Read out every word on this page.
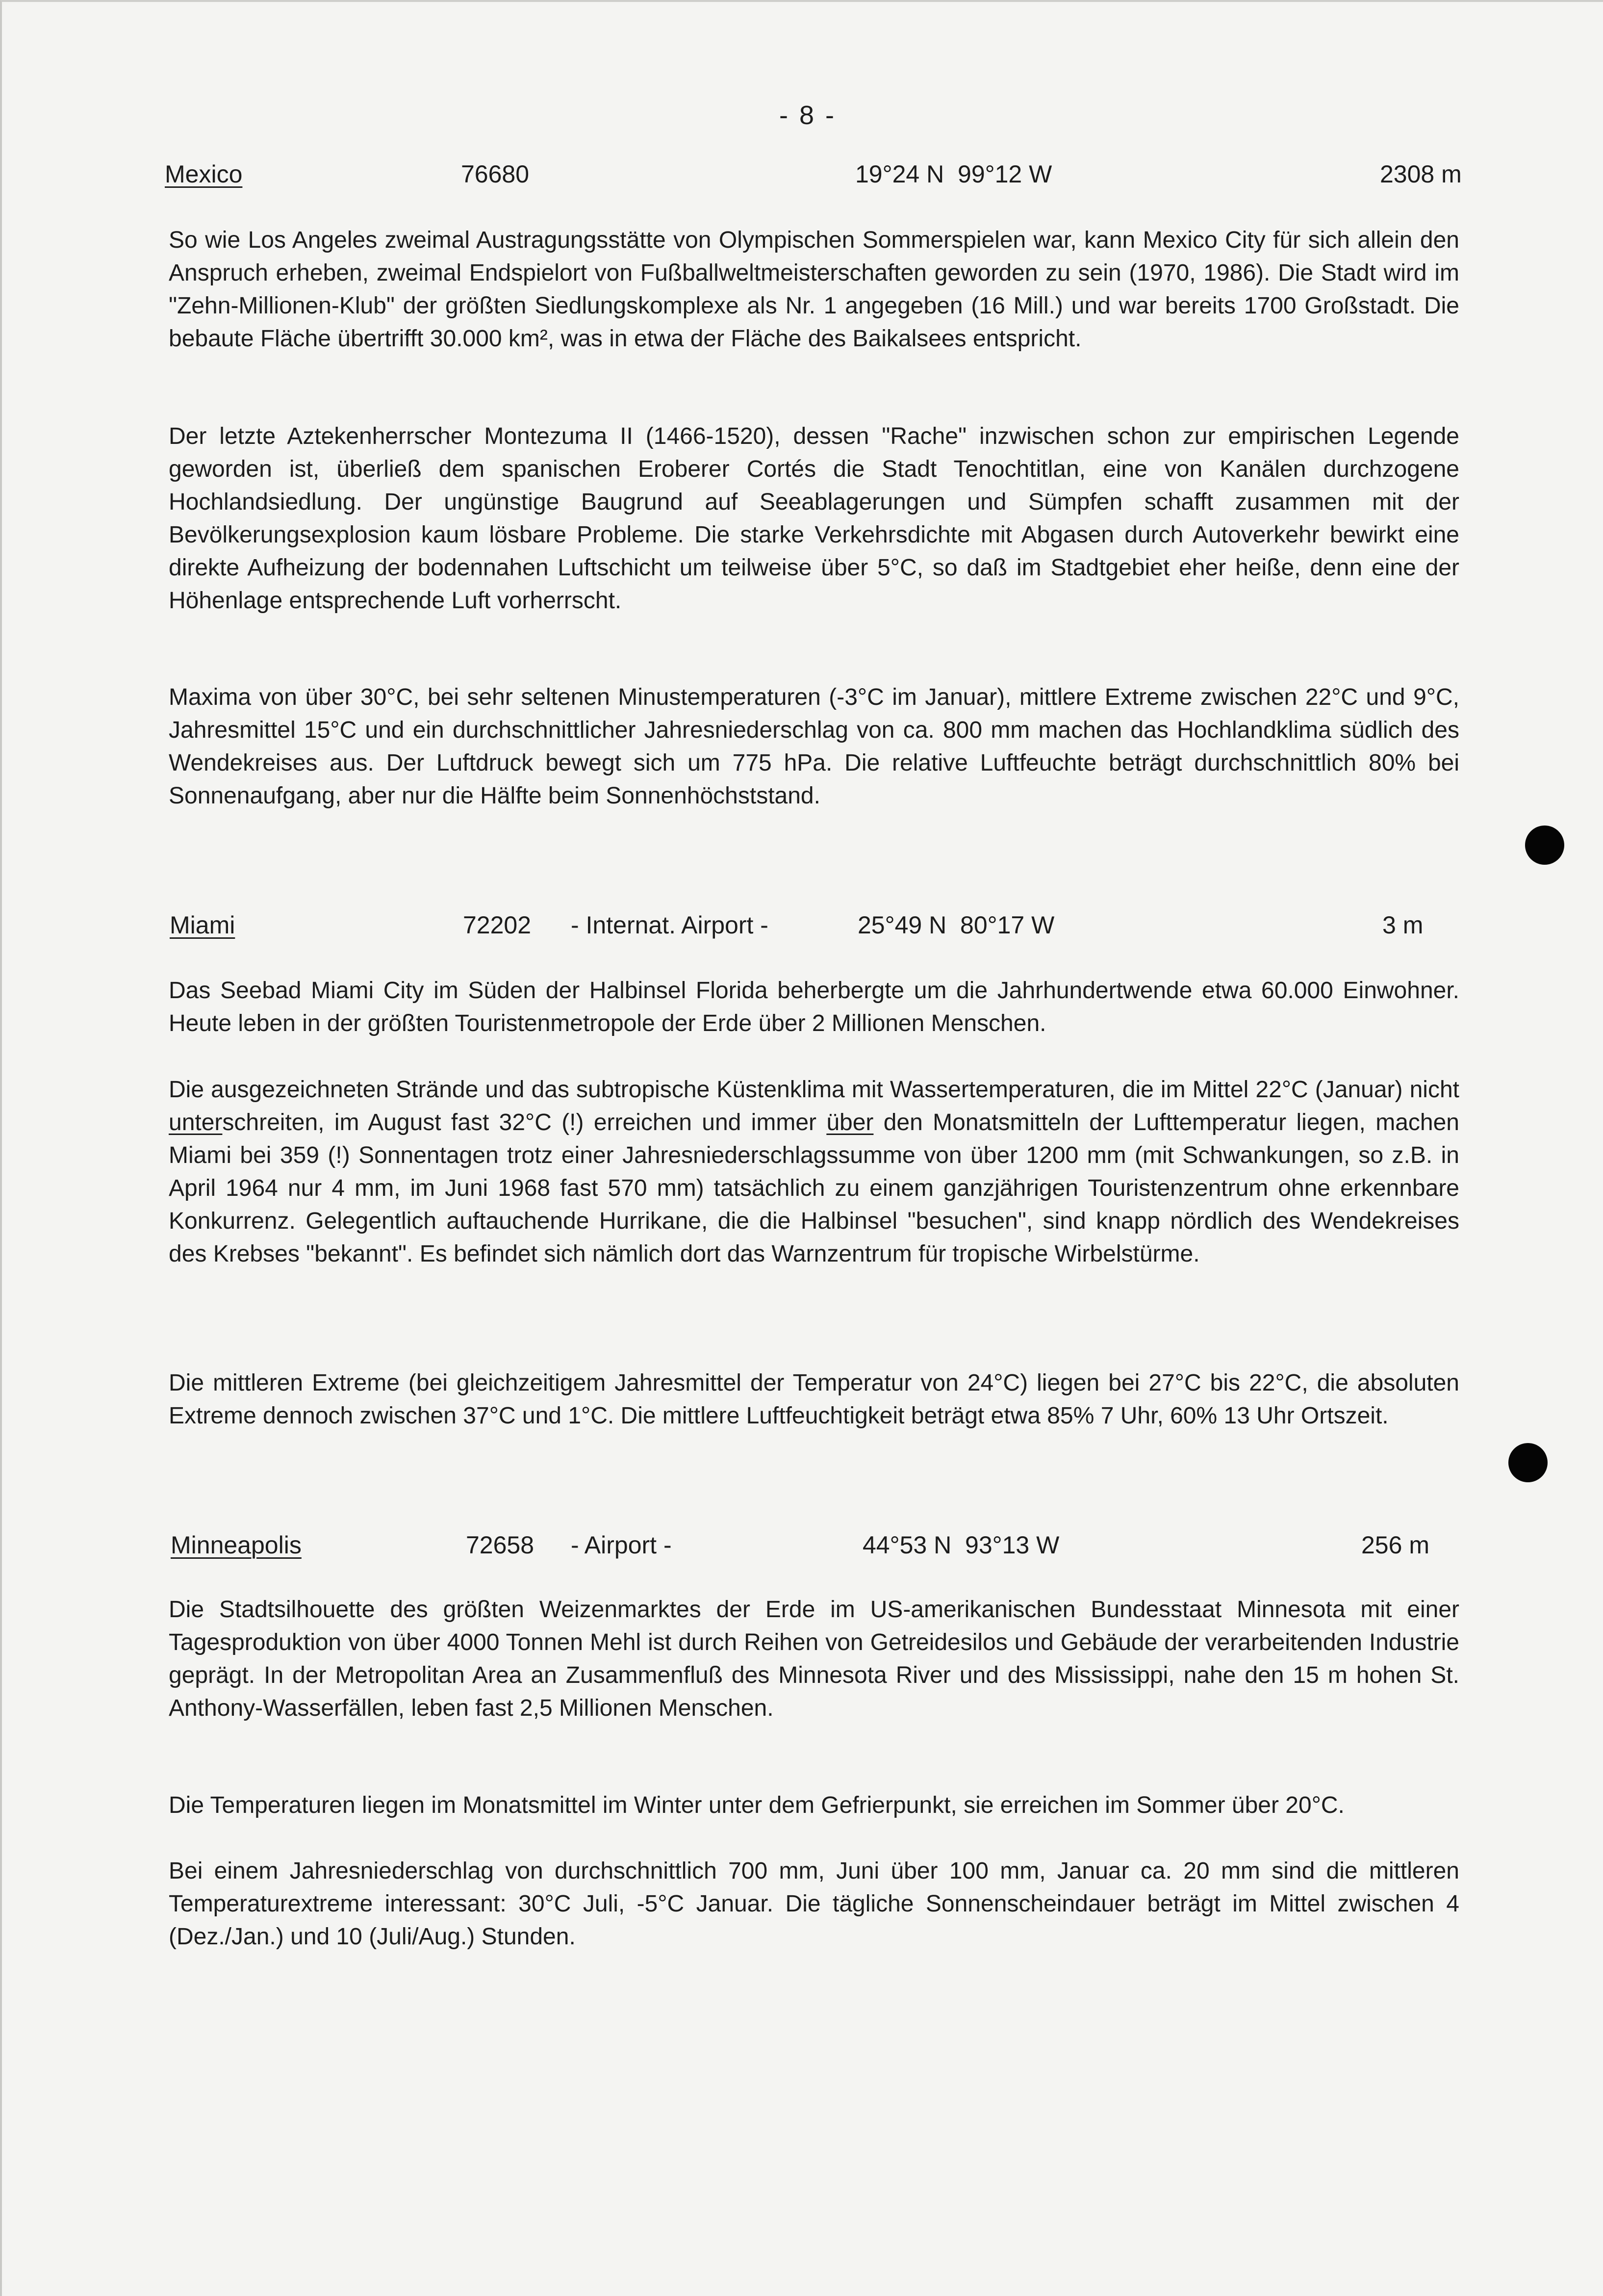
- 8 -
Mexico	76680	19°24 N  99°12 W	2308 m

So wie Los Angeles zweimal Austragungsstätte von Olympischen Sommerspielen war, kann Mexico City für sich allein den Anspruch erheben, zweimal Endspielort von Fußballweltmeisterschaften geworden zu sein (1970, 1986). Die Stadt wird im "Zehn-Millionen-Klub" der größten Siedlungskomplexe als Nr. 1 angegeben (16 Mill.) und war bereits 1700 Großstadt. Die bebaute Fläche übertrifft 30.000 km², was in etwa der Fläche des Baikalsees entspricht.

Der letzte Aztekenherrscher Montezuma II (1466-1520), dessen "Rache" inzwischen schon zur empirischen Legende geworden ist, überließ dem spanischen Eroberer Cortés die Stadt Tenochtitlan, eine von Kanälen durchzogene Hochlandsiedlung. Der ungünstige Baugrund auf Seeablagerungen und Sümpfen schafft zusammen mit der Bevölkerungsexplosion kaum lösbare Probleme. Die starke Verkehrsdichte mit Abgasen durch Autoverkehr bewirkt eine direkte Aufheizung der bodennahen Luftschicht um teilweise über 5°C, so daß im Stadtgebiet eher heiße, denn eine der Höhenlage entsprechende Luft vorherrscht.

Maxima von über 30°C, bei sehr seltenen Minustemperaturen (-3°C im Januar), mittlere Extreme zwischen 22°C und 9°C, Jahresmittel 15°C und ein durchschnittlicher Jahresniederschlag von ca. 800 mm machen das Hochlandklima südlich des Wendekreises aus. Der Luftdruck bewegt sich um 775 hPa. Die relative Luftfeuchte beträgt durchschnittlich 80% bei Sonnenaufgang, aber nur die Hälfte beim Sonnenhöchststand.

Miami	72202 - Internat. Airport -	25°49 N  80°17 W	3 m

Das Seebad Miami City im Süden der Halbinsel Florida beherbergte um die Jahrhundertwende etwa 60.000 Einwohner. Heute leben in der größten Touristenmetropole der Erde über 2 Millionen Menschen.

Die ausgezeichneten Strände und das subtropische Küstenklima mit Wassertemperaturen, die im Mittel 22°C (Januar) nicht unterschreiten, im August fast 32°C (!) erreichen und immer über den Monatsmitteln der Lufttemperatur liegen, machen Miami bei 359 (!) Sonnentagen trotz einer Jahresniederschlagssumme von über 1200 mm (mit Schwankungen, so z.B. in April 1964 nur 4 mm, im Juni 1968 fast 570 mm) tatsächlich zu einem ganzjährigen Touristenzentrum ohne erkennbare Konkurrenz. Gelegentlich auftauchende Hurrikane, die die Halbinsel "besuchen", sind knapp nördlich des Wendekreises des Krebses "bekannt". Es befindet sich nämlich dort das Warnzentrum für tropische Wirbelstürme.

Die mittleren Extreme (bei gleichzeitigem Jahresmittel der Temperatur von 24°C) liegen bei 27°C bis 22°C, die absoluten Extreme dennoch zwischen 37°C und 1°C. Die mittlere Luftfeuchtigkeit beträgt etwa 85% 7 Uhr, 60% 13 Uhr Ortszeit.

Minneapolis	72658 - Airport -	44°53 N  93°13 W	256 m

Die Stadtsilhouette des größten Weizenmarktes der Erde im US-amerikanischen Bundesstaat Minnesota mit einer Tagesproduktion von über 4000 Tonnen Mehl ist durch Reihen von Getreidesilos und Gebäude der verarbeitenden Industrie geprägt. In der Metropolitan Area an Zusammenfluß des Minnesota River und des Mississippi, nahe den 15 m hohen St. Anthony-Wasserfällen, leben fast 2,5 Millionen Menschen.

Die Temperaturen liegen im Monatsmittel im Winter unter dem Gefrierpunkt, sie erreichen im Sommer über 20°C.

Bei einem Jahresniederschlag von durchschnittlich 700 mm, Juni über 100 mm, Januar ca. 20 mm sind die mittleren Temperaturextreme interessant: 30°C Juli, -5°C Januar. Die tägliche Sonnenscheindauer beträgt im Mittel zwischen 4 (Dez./Jan.) und 10 (Juli/Aug.) Stunden.
